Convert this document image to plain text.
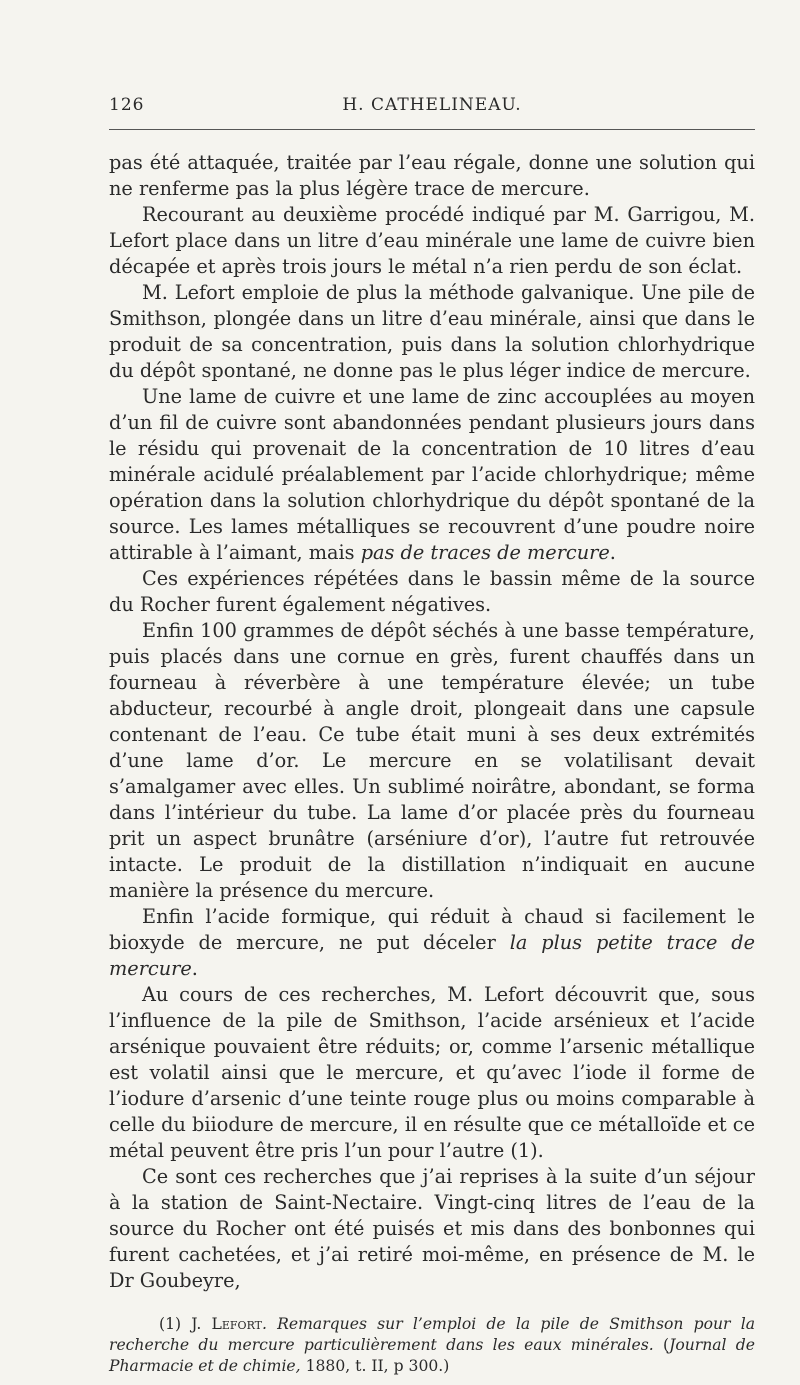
126	H. CATHELINEAU.

pas été attaquée, traitée par l’eau régale, donne une solution qui ne renferme pas la plus légère trace de mercure.

Recourant au deuxième procédé indiqué par M. Garrigou, M. Lefort place dans un litre d’eau minérale une lame de cuivre bien décapée et après trois jours le métal n’a rien perdu de son éclat.

M. Lefort emploie de plus la méthode galvanique. Une pile de Smithson, plongée dans un litre d’eau minérale, ainsi que dans le produit de sa concentration, puis dans la solution chlorhydrique du dépôt spontané, ne donne pas le plus léger indice de mercure.

Une lame de cuivre et une lame de zinc accouplées au moyen d’un fil de cuivre sont abandonnées pendant plusieurs jours dans le résidu qui provenait de la concentration de 10 litres d’eau minérale acidulé préalablement par l’acide chlorhydrique; même opération dans la solution chlorhydrique du dépôt spontané de la source. Les lames métalliques se recouvrent d’une poudre noire attirable à l’aimant, mais pas de traces de mercure.

Ces expériences répétées dans le bassin même de la source du Rocher furent également négatives.

Enfin 100 grammes de dépôt séchés à une basse température, puis placés dans une cornue en grès, furent chauffés dans un fourneau à réverbère à une température élevée; un tube abducteur, recourbé à angle droit, plongeait dans une capsule contenant de l’eau. Ce tube était muni à ses deux extrémités d’une lame d’or. Le mercure en se volatilisant devait s’amalgamer avec elles. Un sublimé noirâtre, abondant, se forma dans l’intérieur du tube. La lame d’or placée près du fourneau prit un aspect brunâtre (arséniure d’or), l’autre fut retrouvée intacte. Le produit de la distillation n’indiquait en aucune manière la présence du mercure.

Enfin l’acide formique, qui réduit à chaud si facilement le bioxyde de mercure, ne put déceler la plus petite trace de mercure.

Au cours de ces recherches, M. Lefort découvrit que, sous l’influence de la pile de Smithson, l’acide arsénieux et l’acide arsénique pouvaient être réduits; or, comme l’arsenic métallique est volatil ainsi que le mercure, et qu’avec l’iode il forme de l’iodure d’arsenic d’une teinte rouge plus ou moins comparable à celle du biiodure de mercure, il en résulte que ce métalloïde et ce métal peuvent être pris l’un pour l’autre (1).

Ce sont ces recherches que j’ai reprises à la suite d’un séjour à la station de Saint-Nectaire. Vingt-cinq litres de l’eau de la source du Rocher ont été puisés et mis dans des bonbonnes qui furent cachetées, et j’ai retiré moi-même, en présence de M. le Dr Goubeyre,

(1) J. Lefort. Remarques sur l’emploi de la pile de Smithson pour la recherche du mercure particulièrement dans les eaux minérales. (Journal de Pharmacie et de chimie, 1880, t. II, p 300.)
